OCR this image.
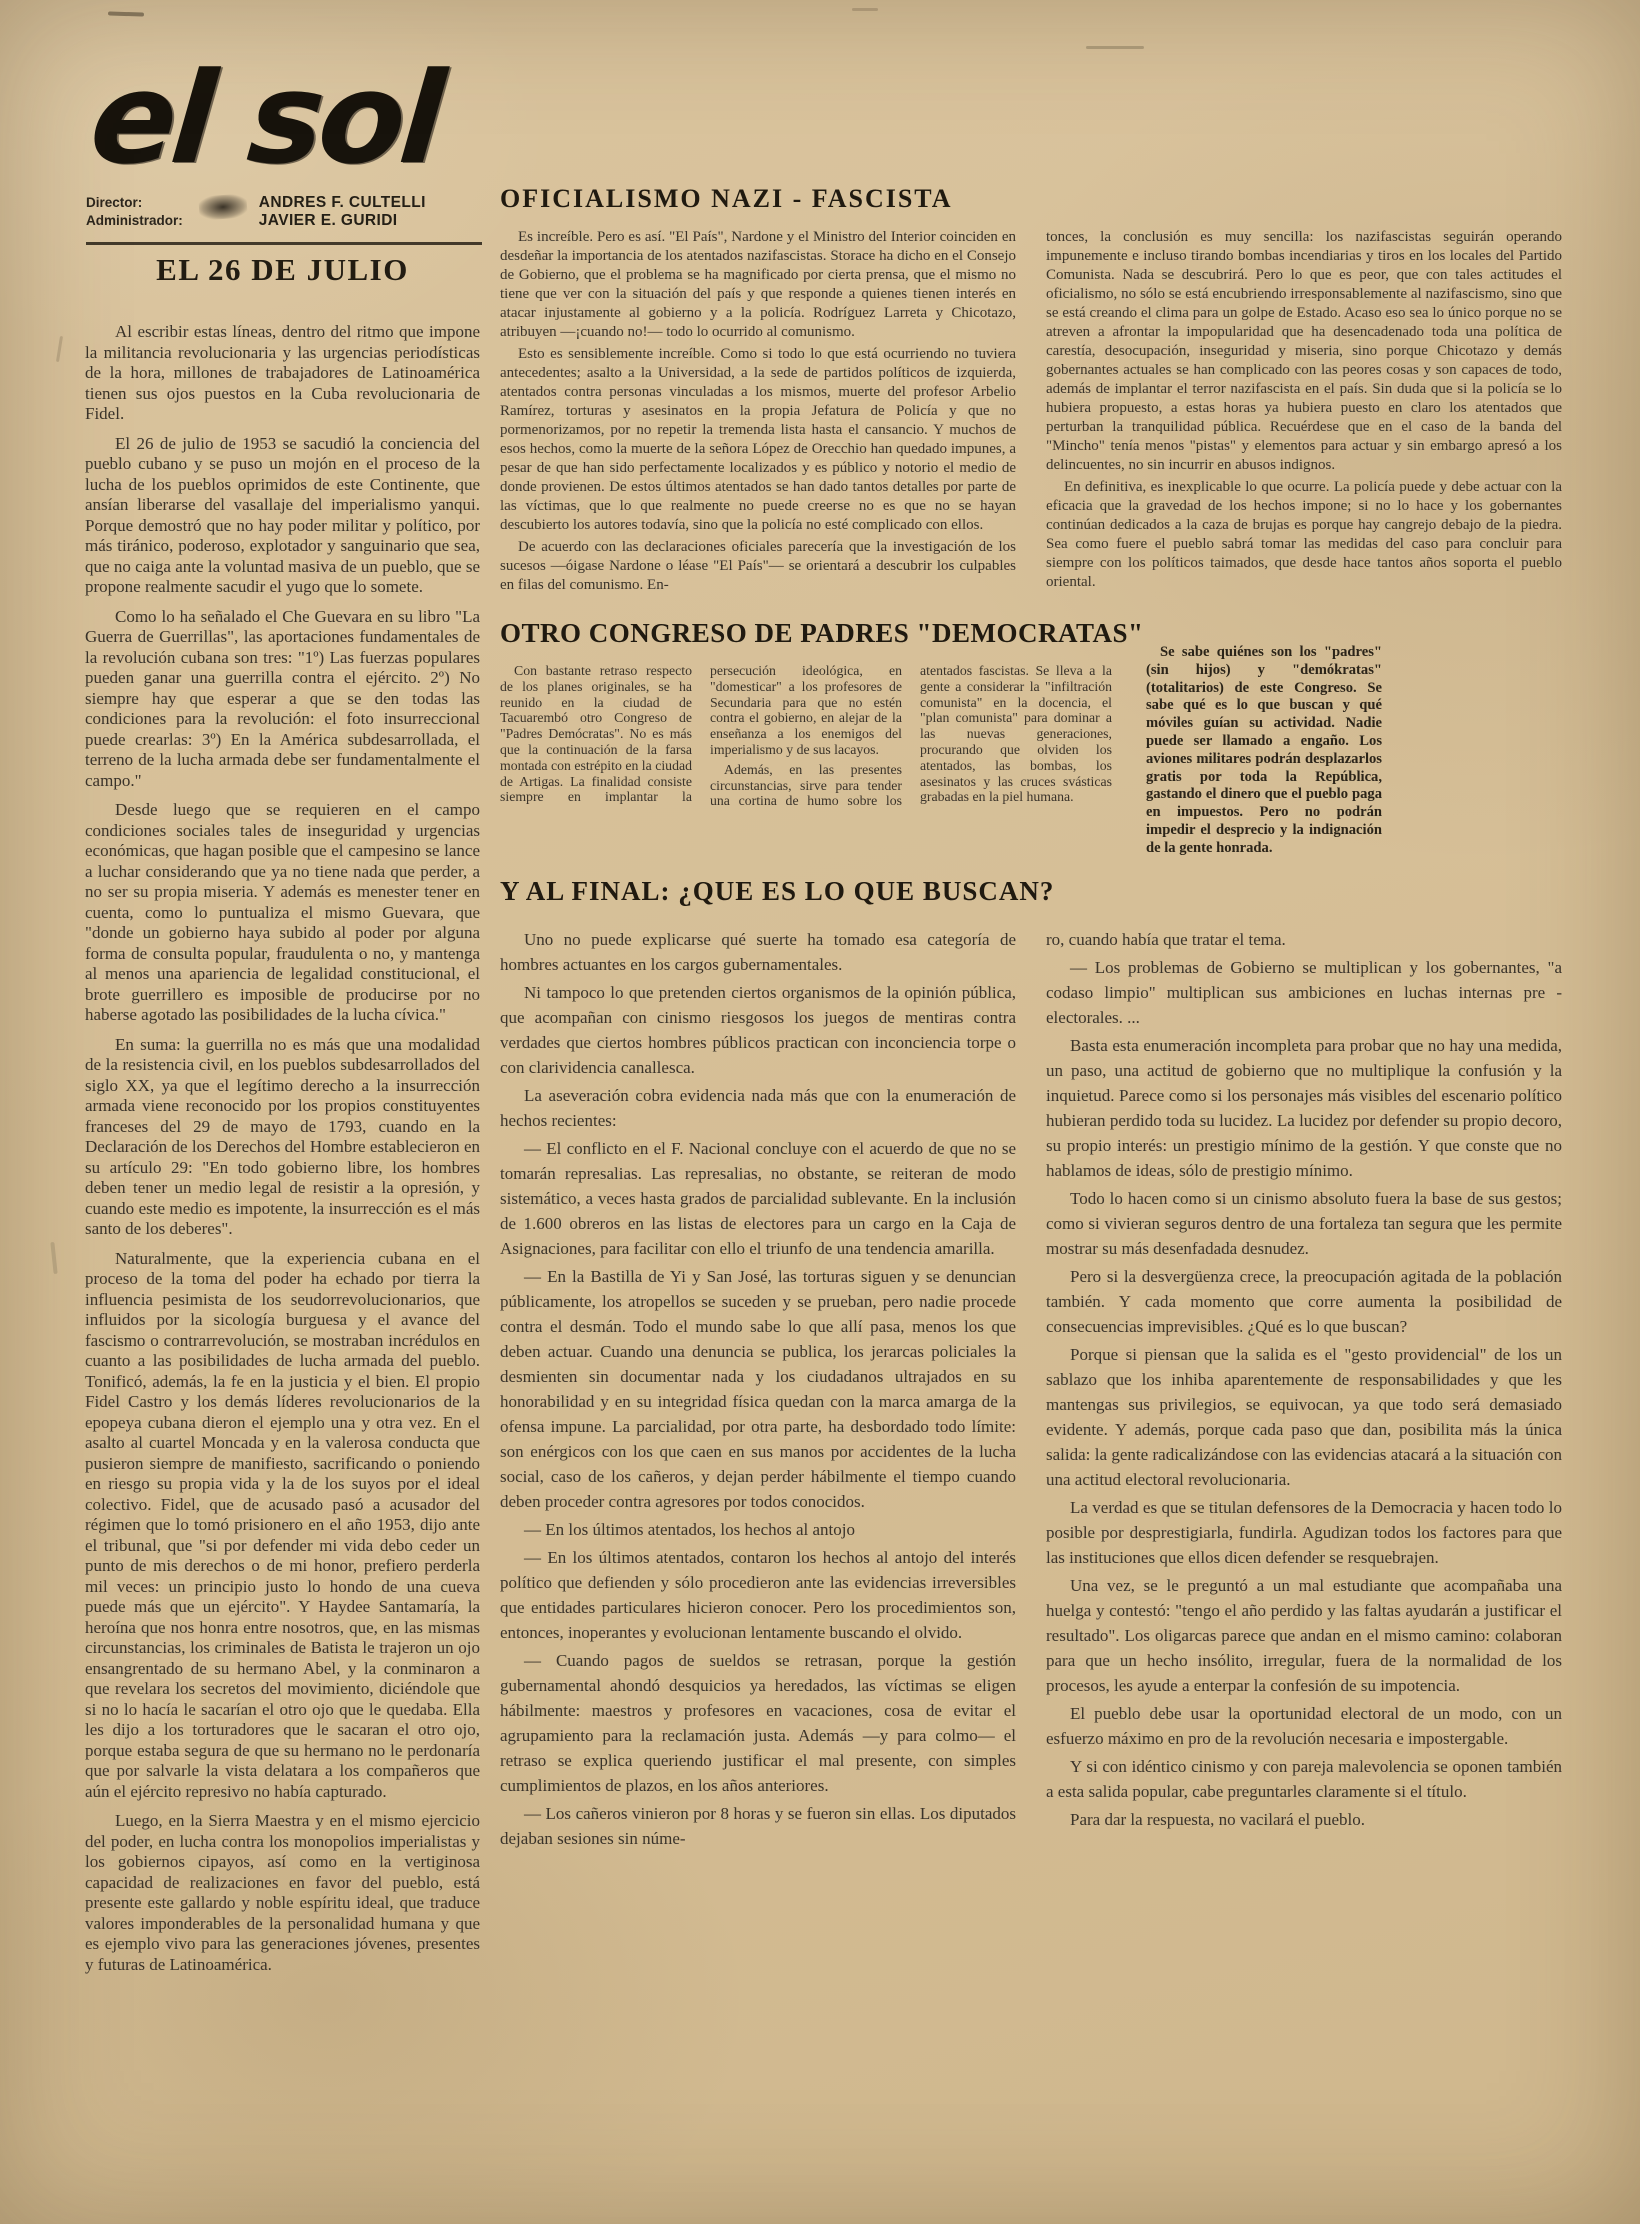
el sol
Director:
Administrador:
ANDRES F. CULTELLI
JAVIER E. GURIDI
EL 26 DE JULIO

Al escribir estas líneas, dentro del ritmo que impone la militancia revolucionaria y las urgencias periodísticas de la hora, millones de trabajadores de Latinoamérica tienen sus ojos puestos en la Cuba revolucionaria de Fidel.

El 26 de julio de 1953 se sacudió la conciencia del pueblo cubano y se puso un mojón en el proceso de la lucha de los pueblos oprimidos de este Continente, que ansían liberarse del vasallaje del imperialismo yanqui. Porque demostró que no hay poder militar y político, por más tiránico, poderoso, explotador y sanguinario que sea, que no caiga ante la voluntad masiva de un pueblo, que se propone realmente sacudir el yugo que lo somete.

Como lo ha señalado el Che Guevara en su libro "La Guerra de Guerrillas", las aportaciones fundamentales de la revolución cubana son tres: "1º) Las fuerzas populares pueden ganar una guerrilla contra el ejército. 2º) No siempre hay que esperar a que se den todas las condiciones para la revolución: el foto insurreccional puede crearlas: 3º) En la América subdesarrollada, el terreno de la lucha armada debe ser fundamentalmente el campo."

Desde luego que se requieren en el campo condiciones sociales tales de inseguridad y urgencias económicas, que hagan posible que el campesino se lance a luchar considerando que ya no tiene nada que perder, a no ser su propia miseria. Y además es menester tener en cuenta, como lo puntualiza el mismo Guevara, que "donde un gobierno haya subido al poder por alguna forma de consulta popular, fraudulenta o no, y mantenga al menos una apariencia de legalidad constitucional, el brote guerrillero es imposible de producirse por no haberse agotado las posibilidades de la lucha cívica."

En suma: la guerrilla no es más que una modalidad de la resistencia civil, en los pueblos subdesarrollados del siglo XX, ya que el legítimo derecho a la insurrección armada viene reconocido por los propios constituyentes franceses del 29 de mayo de 1793, cuando en la Declaración de los Derechos del Hombre establecieron en su artículo 29: "En todo gobierno libre, los hombres deben tener un medio legal de resistir a la opresión, y cuando este medio es impotente, la insurrección es el más santo de los deberes".

Naturalmente, que la experiencia cubana en el proceso de la toma del poder ha echado por tierra la influencia pesimista de los seudorrevolucionarios, que influidos por la sicología burguesa y el avance del fascismo o contrarrevolución, se mostraban incrédulos en cuanto a las posibilidades de lucha armada del pueblo. Tonificó, además, la fe en la justicia y el bien. El propio Fidel Castro y los demás líderes revolucionarios de la epopeya cubana dieron el ejemplo una y otra vez. En el asalto al cuartel Moncada y en la valerosa conducta que pusieron siempre de manifiesto, sacrificando o poniendo en riesgo su propia vida y la de los suyos por el ideal colectivo. Fidel, que de acusado pasó a acusador del régimen que lo tomó prisionero en el año 1953, dijo ante el tribunal, que "si por defender mi vida debo ceder un punto de mis derechos o de mi honor, prefiero perderla mil veces: un principio justo lo hondo de una cueva puede más que un ejército". Y Haydee Santamaría, la heroína que nos honra entre nosotros, que, en las mismas circunstancias, los criminales de Batista le trajeron un ojo ensangrentado de su hermano Abel, y la conminaron a que revelara los secretos del movimiento, diciéndole que si no lo hacía le sacarían el otro ojo que le quedaba. Ella les dijo a los torturadores que le sacaran el otro ojo, porque estaba segura de que su hermano no le perdonaría que por salvarle la vista delatara a los compañeros que aún el ejército represivo no había capturado.

Luego, en la Sierra Maestra y en el mismo ejercicio del poder, en lucha contra los monopolios imperialistas y los gobiernos cipayos, así como en la vertiginosa capacidad de realizaciones en favor del pueblo, está presente este gallardo y noble espíritu ideal, que traduce valores imponderables de la personalidad humana y que es ejemplo vivo para las generaciones jóvenes, presentes y futuras de Latinoamérica.

OFICIALISMO NAZI - FASCISTA

Es increíble. Pero es así. "El País", Nardone y el Ministro del Interior coinciden en desdeñar la importancia de los atentados nazifascistas. Storace ha dicho en el Consejo de Gobierno, que el problema se ha magnificado por cierta prensa, que el mismo no tiene que ver con la situación del país y que responde a quienes tienen interés en atacar injustamente al gobierno y a la policía. Rodríguez Larreta y Chicotazo, atribuyen —¡cuando no!— todo lo ocurrido al comunismo.

Esto es sensiblemente increíble. Como si todo lo que está ocurriendo no tuviera antecedentes; asalto a la Universidad, a la sede de partidos políticos de izquierda, atentados contra personas vinculadas a los mismos, muerte del profesor Arbelio Ramírez, torturas y asesinatos en la propia Jefatura de Policía y que no pormenorizamos, por no repetir la tremenda lista hasta el cansancio. Y muchos de esos hechos, como la muerte de la señora López de Orecchio han quedado impunes, a pesar de que han sido perfectamente localizados y es público y notorio el medio de donde provienen. De estos últimos atentados se han dado tantos detalles por parte de las víctimas, que lo que realmente no puede creerse no es que no se hayan descubierto los autores todavía, sino que la policía no esté complicado con ellos.

De acuerdo con las declaraciones oficiales parecería que la investigación de los sucesos —óigase Nardone o léase "El País"— se orientará a descubrir los culpables en filas del comunismo. En-

tonces, la conclusión es muy sencilla: los nazifascistas seguirán operando impunemente e incluso tirando bombas incendiarias y tiros en los locales del Partido Comunista. Nada se descubrirá. Pero lo que es peor, que con tales actitudes el oficialismo, no sólo se está encubriendo irresponsablemente al nazifascismo, sino que se está creando el clima para un golpe de Estado. Acaso eso sea lo único porque no se atreven a afrontar la impopularidad que ha desencadenado toda una política de carestía, desocupación, inseguridad y miseria, sino porque Chicotazo y demás gobernantes actuales se han complicado con las peores cosas y son capaces de todo, además de implantar el terror nazifascista en el país. Sin duda que si la policía se lo hubiera propuesto, a estas horas ya hubiera puesto en claro los atentados que perturban la tranquilidad pública. Recuérdese que en el caso de la banda del "Mincho" tenía menos "pistas" y elementos para actuar y sin embargo apresó a los delincuentes, no sin incurrir en abusos indignos.

En definitiva, es inexplicable lo que ocurre. La policía puede y debe actuar con la eficacia que la gravedad de los hechos impone; si no lo hace y los gobernantes continúan dedicados a la caza de brujas es porque hay cangrejo debajo de la piedra. Sea como fuere el pueblo sabrá tomar las medidas del caso para concluir para siempre con los políticos taimados, que desde hace tantos años soporta el pueblo oriental.

OTRO CONGRESO DE PADRES "DEMOCRATAS"

Con bastante retraso respecto de los planes originales, se ha reunido en la ciudad de Tacuarembó otro Congreso de "Padres Demócratas". No es más que la continuación de la farsa montada con estrépito en la ciudad de Artigas. La finalidad consiste siempre en implantar la persecución ideológica, en "domesticar" a los profesores de Secundaria para que no estén contra el gobierno, en alejar de la enseñanza a los enemigos del imperialismo y de sus lacayos.

Además, en las presentes circunstancias, sirve para tender una cortina de humo sobre los atentados fascistas. Se lleva a la gente a considerar la "infiltración comunista" en la docencia, el "plan comunista" para dominar a las nuevas generaciones, procurando que olviden los atentados, las bombas, los asesinatos y las cruces svásticas grabadas en la piel humana.

Se sabe quiénes son los "padres" (sin hijos) y "demókratas" (totalitarios) de este Congreso. Se sabe qué es lo que buscan y qué móviles guían su actividad. Nadie puede ser llamado a engaño. Los aviones militares podrán desplazarlos gratis por toda la República, gastando el dinero que el pueblo paga en impuestos. Pero no podrán impedir el desprecio y la indignación de la gente honrada.

Y AL FINAL: ¿QUE ES LO QUE BUSCAN?

Uno no puede explicarse qué suerte ha tomado esa categoría de hombres actuantes en los cargos gubernamentales.

Ni tampoco lo que pretenden ciertos organismos de la opinión pública, que acompañan con cinismo riesgosos los juegos de mentiras contra verdades que ciertos hombres públicos practican con inconciencia torpe o con clarividencia canallesca.

La aseveración cobra evidencia nada más que con la enumeración de hechos recientes:

— El conflicto en el F. Nacional concluye con el acuerdo de que no se tomarán represalias. Las represalias, no obstante, se reiteran de modo sistemático, a veces hasta grados de parcialidad sublevante. En la inclusión de 1.600 obreros en las listas de electores para un cargo en la Caja de Asignaciones, para facilitar con ello el triunfo de una tendencia amarilla.

— En la Bastilla de Yi y San José, las torturas siguen y se denuncian públicamente, los atropellos se suceden y se prueban, pero nadie procede contra el desmán. Todo el mundo sabe lo que allí pasa, menos los que deben actuar. Cuando una denuncia se publica, los jerarcas policiales la desmienten sin documentar nada y los ciudadanos ultrajados en su honorabilidad y en su integridad física quedan con la marca amarga de la ofensa impune. La parcialidad, por otra parte, ha desbordado todo límite: son enérgicos con los que caen en sus manos por accidentes de la lucha social, caso de los cañeros, y dejan perder hábilmente el tiempo cuando deben proceder contra agresores por todos conocidos.

— En los últimos atentados, los hechos al antojo

— En los últimos atentados, contaron los hechos al antojo del interés político que defienden y sólo procedieron ante las evidencias irreversibles que entidades particulares hicieron conocer. Pero los procedimientos son, entonces, inoperantes y evolucionan lentamente buscando el olvido.

— Cuando pagos de sueldos se retrasan, porque la gestión gubernamental ahondó desquicios ya heredados, las víctimas se eligen hábilmente: maestros y profesores en vacaciones, cosa de evitar el agrupamiento para la reclamación justa. Además —y para colmo— el retraso se explica queriendo justificar el mal presente, con simples cumplimientos de plazos, en los años anteriores.

— Los cañeros vinieron por 8 horas y se fueron sin ellas. Los diputados dejaban sesiones sin núme-

ro, cuando había que tratar el tema.

— Los problemas de Gobierno se multiplican y los gobernantes, "a codaso limpio" multiplican sus ambiciones en luchas internas pre - electorales. ...

Basta esta enumeración incompleta para probar que no hay una medida, un paso, una actitud de gobierno que no multiplique la confusión y la inquietud. Parece como si los personajes más visibles del escenario político hubieran perdido toda su lucidez. La lucidez por defender su propio decoro, su propio interés: un prestigio mínimo de la gestión. Y que conste que no hablamos de ideas, sólo de prestigio mínimo.

Todo lo hacen como si un cinismo absoluto fuera la base de sus gestos; como si vivieran seguros dentro de una fortaleza tan segura que les permite mostrar su más desenfadada desnudez.

Pero si la desvergüenza crece, la preocupación agitada de la población también. Y cada momento que corre aumenta la posibilidad de consecuencias imprevisibles. ¿Qué es lo que buscan?

Porque si piensan que la salida es el "gesto providencial" de los un sablazo que los inhiba aparentemente de responsabilidades y que les mantengas sus privilegios, se equivocan, ya que todo será demasiado evidente. Y además, porque cada paso que dan, posibilita más la única salida: la gente radicalizándose con las evidencias atacará a la situación con una actitud electoral revolucionaria.

La verdad es que se titulan defensores de la Democracia y hacen todo lo posible por desprestigiarla, fundirla. Agudizan todos los factores para que las instituciones que ellos dicen defender se resquebrajen.

Una vez, se le preguntó a un mal estudiante que acompañaba una huelga y contestó: "tengo el año perdido y las faltas ayudarán a justificar el resultado". Los oligarcas parece que andan en el mismo camino: colaboran para que un hecho insólito, irregular, fuera de la normalidad de los procesos, les ayude a enterpar la confesión de su impotencia.

El pueblo debe usar la oportunidad electoral de un modo, con un esfuerzo máximo en pro de la revolución necesaria e impostergable.

Y si con idéntico cinismo y con pareja malevolencia se oponen también a esta salida popular, cabe preguntarles claramente si el título.

Para dar la respuesta, no vacilará el pueblo.
